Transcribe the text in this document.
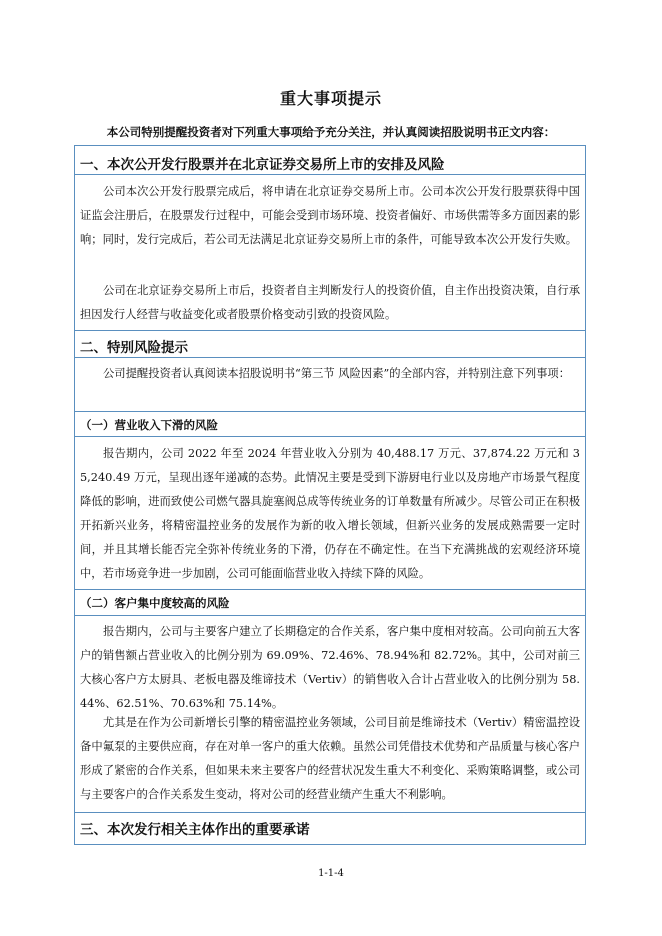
重大事项提示
本公司特别提醒投资者对下列重大事项给予充分关注，并认真阅读招股说明书正文内容：
一、本次公开发行股票并在北京证券交易所上市的安排及风险
公司本次公开发行股票完成后，将申请在北京证券交易所上市。公司本次公开发行股票获得中国证监会注册后，在股票发行过程中，可能会受到市场环境、投资者偏好、市场供需等多方面因素的影响；同时，发行完成后，若公司无法满足北京证券交易所上市的条件，可能导致本次公开发行失败。
公司在北京证券交易所上市后，投资者自主判断发行人的投资价值，自主作出投资决策，自行承担因发行人经营与收益变化或者股票价格变动引致的投资风险。
二、特别风险提示
公司提醒投资者认真阅读本招股说明书“第三节 风险因素”的全部内容，并特别注意下列事项：
（一）营业收入下滑的风险
报告期内，公司 2022 年至 2024 年营业收入分别为 40,488.17 万元、37,874.22 万元和 35,240.49 万元，呈现出逐年递减的态势。此情况主要是受到下游厨电行业以及房地产市场景气程度降低的影响，进而致使公司燃气器具旋塞阀总成等传统业务的订单数量有所减少。尽管公司正在积极开拓新兴业务，将精密温控业务的发展作为新的收入增长领域，但新兴业务的发展成熟需要一定时间，并且其增长能否完全弥补传统业务的下滑，仍存在不确定性。在当下充满挑战的宏观经济环境中，若市场竞争进一步加剧，公司可能面临营业收入持续下降的风险。
（二）客户集中度较高的风险
报告期内，公司与主要客户建立了长期稳定的合作关系，客户集中度相对较高。公司向前五大客户的销售额占营业收入的比例分别为 69.09%、72.46%、78.94%和 82.72%。其中，公司对前三大核心客户方太厨具、老板电器及维谛技术（Vertiv）的销售收入合计占营业收入的比例分别为 58.44%、62.51%、70.63%和 75.14%。
尤其是在作为公司新增长引擎的精密温控业务领域，公司目前是维谛技术（Vertiv）精密温控设备中氟泵的主要供应商，存在对单一客户的重大依赖。虽然公司凭借技术优势和产品质量与核心客户形成了紧密的合作关系，但如果未来主要客户的经营状况发生重大不利变化、采购策略调整，或公司与主要客户的合作关系发生变动，将对公司的经营业绩产生重大不利影响。
三、本次发行相关主体作出的重要承诺
1-1-4
